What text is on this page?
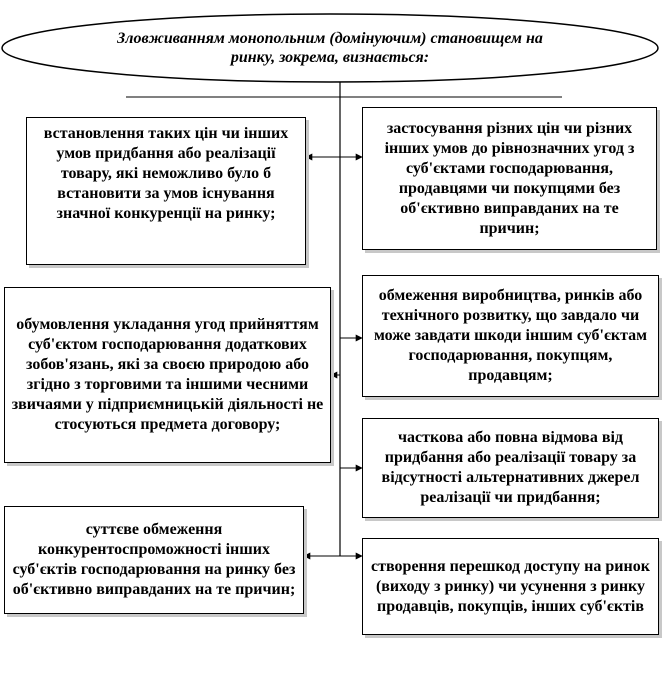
Зловживанням монопольним (домінуючим) становищем на ринку, зокрема, визнається:
встановлення таких цін чи інших умов придбання або реалізації товару, які неможливо було б встановити за умов існування значної конкуренції на ринку;
обумовлення укладання угод прийняттям суб'єктом господарювання додаткових зобов'язань, які за своєю природою або згідно з торговими та іншими чесними звичаями у підприємницькій діяльності не стосуються предмета договору;
суттєве обмеження конкурентоспроможності інших суб'єктів господарювання на ринку без об'єктивно виправданих на те причин;
застосування різних цін чи різних інших умов до рівнозначних угод з суб'єктами господарювання, продавцями чи покупцями без об'єктивно виправданих на те причин;
обмеження виробництва, ринків або технічного розвитку, що завдало чи може завдати шкоди іншим суб'єктам господарювання, покупцям, продавцям;
часткова або повна відмова від придбання або реалізації товару за відсутності альтернативних джерел реалізації чи придбання;
створення перешкод доступу на ринок (виходу з ринку) чи усунення з ринку продавців, покупців, інших суб'єктів
